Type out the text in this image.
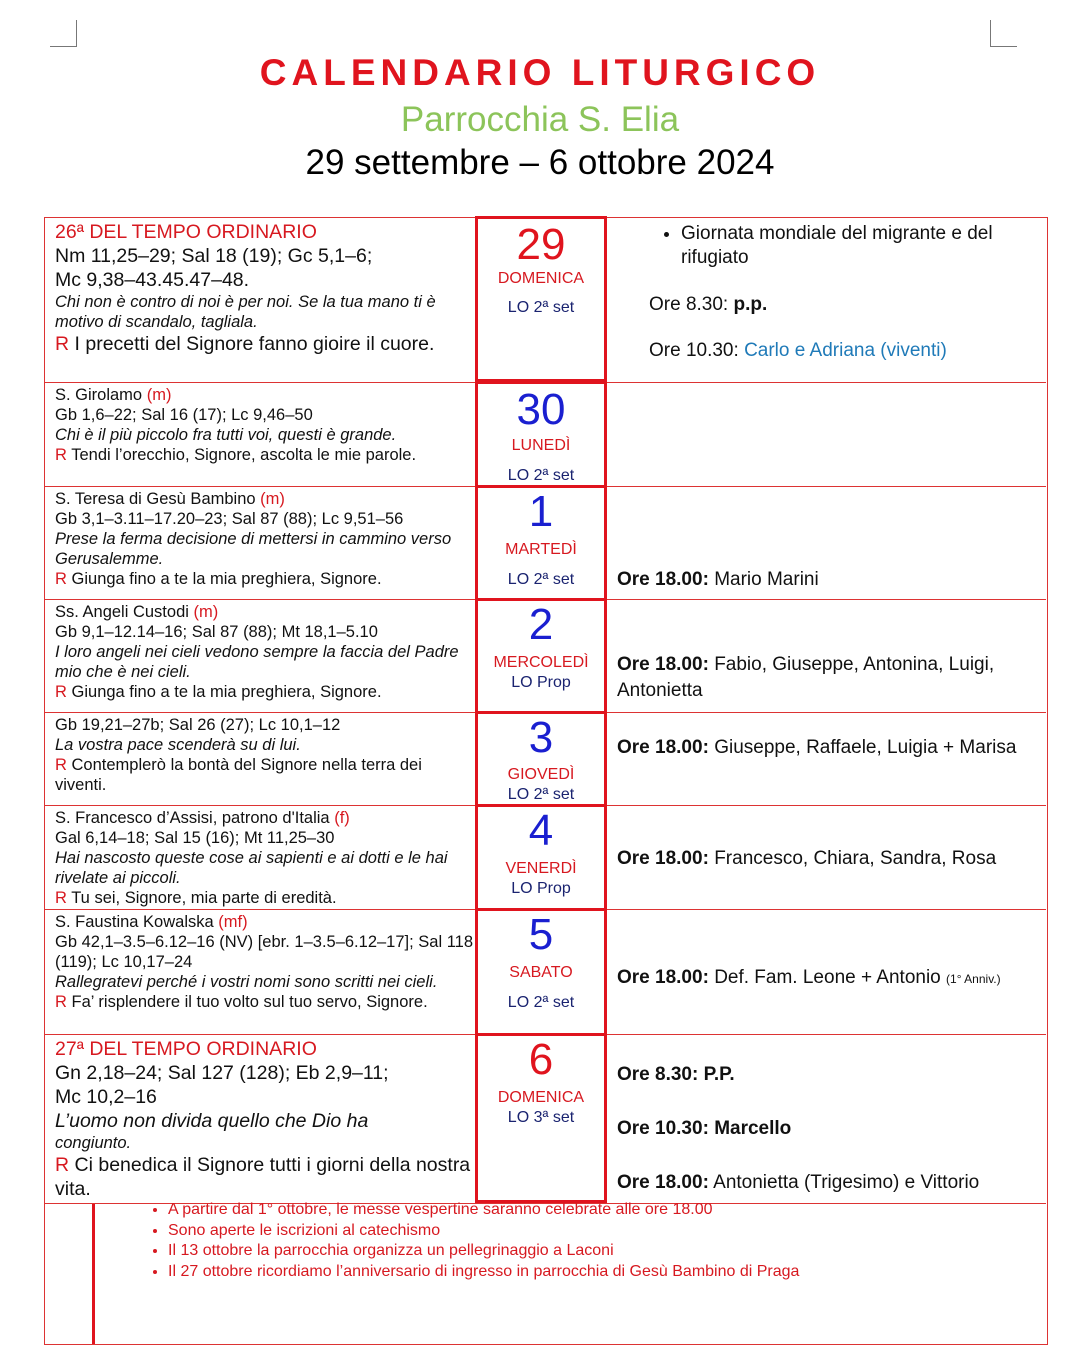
CALENDARIO LITURGICO
Parrocchia S. Elia
29 settembre – 6 ottobre 2024
26ª DEL TEMPO ORDINARIO
Nm 11,25–29; Sal 18 (19); Gc 5,1–6;
Mc 9,38–43.45.47–48.
Chi non è contro di noi è per noi. Se la tua mano ti è motivo di scandalo, tagliala.
R I precetti del Signore fanno gioire il cuore.
29
DOMENICA
LO 2ª set
• Giornata mondiale del migrante e del rifugiato
Ore 8.30: p.p.
Ore 10.30: Carlo e Adriana (viventi)
S. Girolamo (m)
Gb 1,6–22; Sal 16 (17); Lc 9,46–50
Chi è il più piccolo fra tutti voi, questi è grande.
R Tendi l’orecchio, Signore, ascolta le mie parole.
30
LUNEDÌ
LO 2ª set
S. Teresa di Gesù Bambino (m)
Gb 3,1–3.11–17.20–23; Sal 87 (88); Lc 9,51–56
Prese la ferma decisione di mettersi in cammino verso Gerusalemme.
R Giunga fino a te la mia preghiera, Signore.
1
MARTEDÌ
LO 2ª set	Ore 18.00: Mario Marini
Ss. Angeli Custodi (m)
Gb 9,1–12.14–16; Sal 87 (88); Mt 18,1–5.10
I loro angeli nei cieli vedono sempre la faccia del Padre mio che è nei cieli.
R Giunga fino a te la mia preghiera, Signore.
2
MERCOLEDÌ
LO Prop
Ore 18.00: Fabio, Giuseppe, Antonina, Luigi, Antonietta
Gb 19,21–27b; Sal 26 (27); Lc 10,1–12
La vostra pace scenderà su di lui.
R Contemplerò la bontà del Signore nella terra dei viventi.
3
GIOVEDÌ
LO 2ª set
Ore 18.00: Giuseppe, Raffaele, Luigia + Marisa
S. Francesco d’Assisi, patrono d'Italia (f)
Gal 6,14–18; Sal 15 (16); Mt 11,25–30
Hai nascosto queste cose ai sapienti e ai dotti e le hai rivelate ai piccoli.
R Tu sei, Signore, mia parte di eredità.
4
VENERDÌ
LO Prop
Ore 18.00: Francesco, Chiara, Sandra, Rosa
S. Faustina Kowalska (mf)
Gb 42,1–3.5–6.12–16 (NV) [ebr. 1–3.5–6.12–17]; Sal 118 (119); Lc 10,17–24
Rallegratevi perché i vostri nomi sono scritti nei cieli.
R Fa’ risplendere il tuo volto sul tuo servo, Signore.
5
SABATO
LO 2ª set
Ore 18.00: Def. Fam. Leone + Antonio (1° Anniv.)
27ª DEL TEMPO ORDINARIO
Gn 2,18–24; Sal 127 (128); Eb 2,9–11;
Mc 10,2–16
L’uomo non divida quello che Dio ha
congiunto.
R Ci benedica il Signore tutti i giorni della nostra vita.
6
DOMENICA
LO 3ª set
Ore 8.30: P.P.
Ore 10.30: Marcello
Ore 18.00: Antonietta (Trigesimo) e Vittorio
• A partire dal 1° ottobre, le messe vespertine saranno celebrate alle ore 18.00
• Sono aperte le iscrizioni al catechismo
• Il 13 ottobre la parrocchia organizza un pellegrinaggio a Laconi
• Il 27 ottobre ricordiamo l’anniversario di ingresso in parrocchia di Gesù Bambino di Praga
